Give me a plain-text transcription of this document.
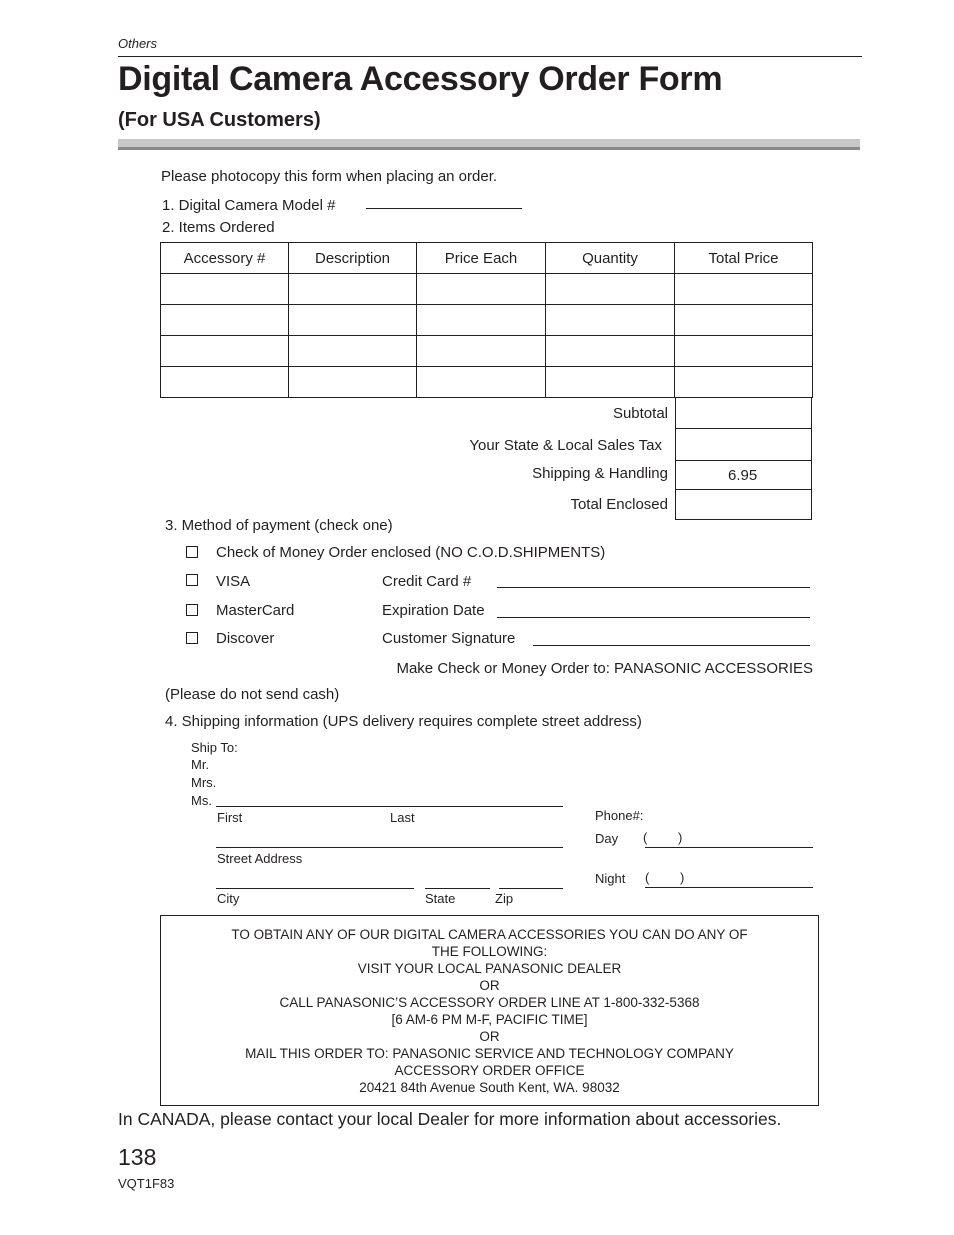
Others
Digital Camera Accessory Order Form
(For USA Customers)
Please photocopy this form when placing an order.
1. Digital Camera Model #
2. Items Ordered
Accessory #	Description	Price Each	Quantity	Total Price

Subtotal
Your State & Local Sales Tax
Shipping & Handling	6.95
Total Enclosed
3. Method of payment (check one)
Check of Money Order enclosed (NO C.O.D.SHIPMENTS)
VISA	Credit Card #
MasterCard	Expiration Date
Discover	Customer Signature
Make Check or Money Order to: PANASONIC ACCESSORIES
(Please do not send cash)
4. Shipping information (UPS delivery requires complete street address)
Ship To:
Mr.
Mrs.
Ms.
First	Last
Street Address
City	State	Zip
Phone#:
Day ( )
Night ( )
TO OBTAIN ANY OF OUR DIGITAL CAMERA ACCESSORIES YOU CAN DO ANY OF
THE FOLLOWING:
VISIT YOUR LOCAL PANASONIC DEALER
OR
CALL PANASONIC’S ACCESSORY ORDER LINE AT 1-800-332-5368
[6 AM-6 PM M-F, PACIFIC TIME]
OR
MAIL THIS ORDER TO: PANASONIC SERVICE AND TECHNOLOGY COMPANY
ACCESSORY ORDER OFFICE
20421 84th Avenue South Kent, WA. 98032
In CANADA, please contact your local Dealer for more information about accessories.
138
VQT1F83
